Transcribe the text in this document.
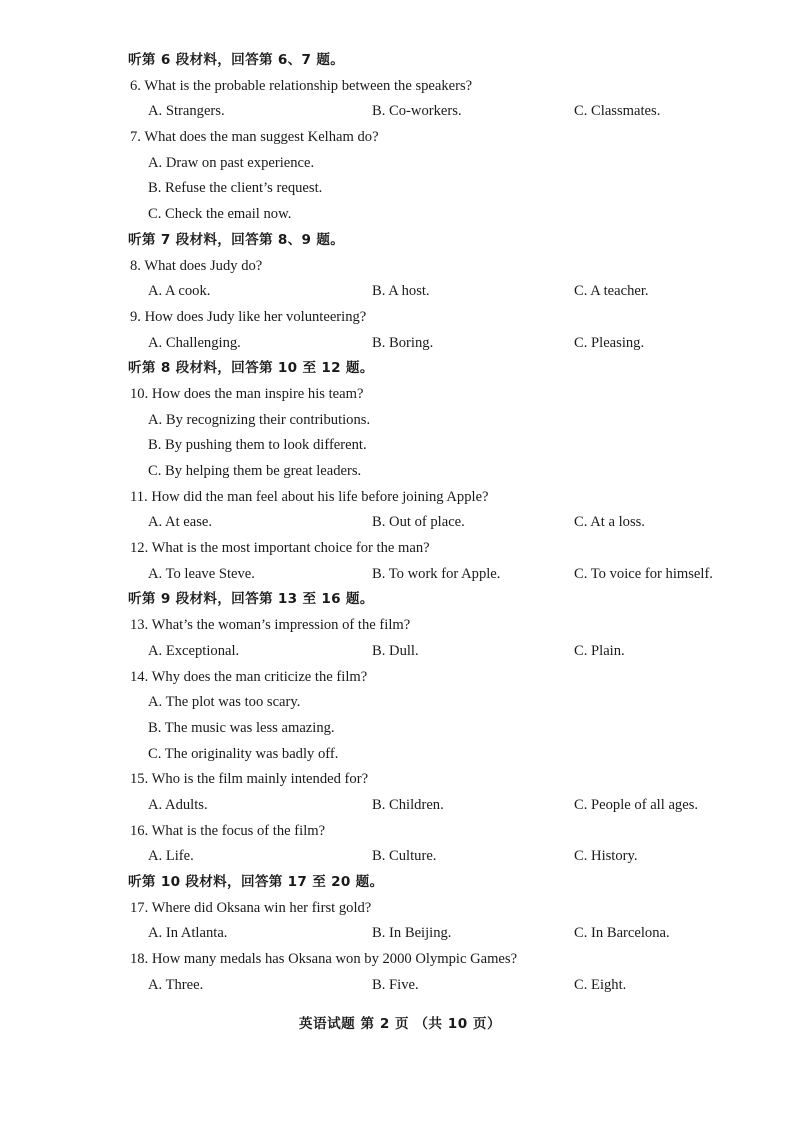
听第 6 段材料，回答第 6、7 题。
6. What is the probable relationship between the speakers?
A. Strangers.	B. Co-workers.	C. Classmates.
7. What does the man suggest Kelham do?
A. Draw on past experience.
B. Refuse the client’s request.
C. Check the email now.
听第 7 段材料，回答第 8、9 题。
8. What does Judy do?
A. A cook.	B. A host.	C. A teacher.
9. How does Judy like her volunteering?
A. Challenging.	B. Boring.	C. Pleasing.
听第 8 段材料，回答第 10 至 12 题。
10. How does the man inspire his team?
A. By recognizing their contributions.
B. By pushing them to look different.
C. By helping them be great leaders.
11. How did the man feel about his life before joining Apple?
A. At ease.	B. Out of place.	C. At a loss.
12. What is the most important choice for the man?
A. To leave Steve.	B. To work for Apple.	C. To voice for himself.
听第 9 段材料，回答第 13 至 16 题。
13. What’s the woman’s impression of the film?
A. Exceptional.	B. Dull.	C. Plain.
14. Why does the man criticize the film?
A. The plot was too scary.
B. The music was less amazing.
C. The originality was badly off.
15. Who is the film mainly intended for?
A. Adults.	B. Children.	C. People of all ages.
16. What is the focus of the film?
A. Life.	B. Culture.	C. History.
听第 10 段材料，回答第 17 至 20 题。
17. Where did Oksana win her first gold?
A. In Atlanta.	B. In Beijing.	C. In Barcelona.
18. How many medals has Oksana won by 2000 Olympic Games?
A. Three.	B. Five.	C. Eight.
英语试题 第 2 页 （共 10 页）
